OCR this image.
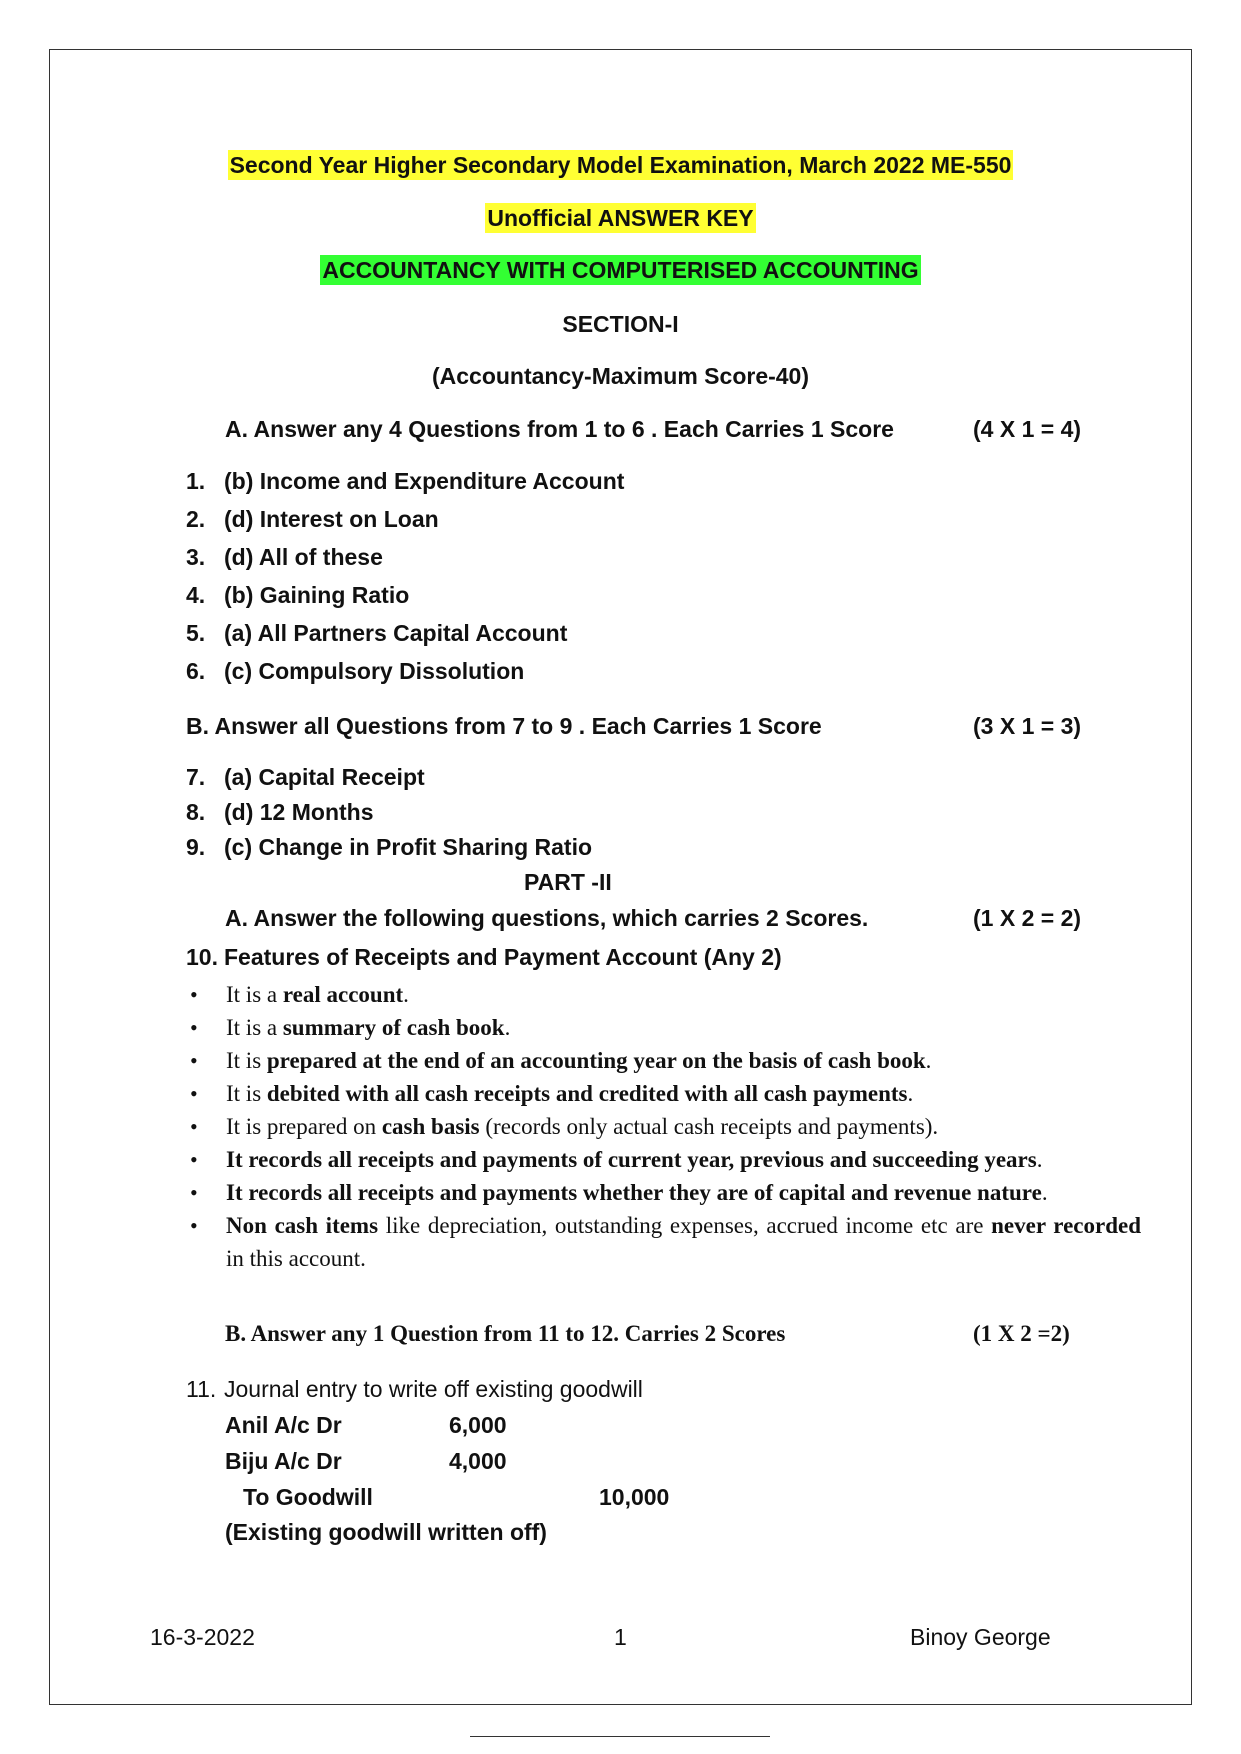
Second Year Higher Secondary Model Examination, March 2022 ME-550
Unofficial ANSWER KEY
ACCOUNTANCY WITH COMPUTERISED ACCOUNTING
SECTION-I
(Accountancy-Maximum Score-40)
A. Answer any 4 Questions from 1 to 6 . Each Carries 1 Score	(4 X 1 = 4)
1. (b) Income and Expenditure Account
2. (d) Interest on Loan
3. (d) All of these
4. (b) Gaining Ratio
5. (a) All Partners Capital Account
6. (c) Compulsory Dissolution
B. Answer all Questions from 7 to 9 . Each Carries 1 Score	(3 X 1 = 3)
7. (a) Capital Receipt
8. (d) 12 Months
9. (c) Change in Profit Sharing Ratio
PART -II
A. Answer the following questions, which carries 2 Scores.	(1 X 2 = 2)
10. Features of Receipts and Payment Account (Any 2)

• It is a real account.

• It is a summary of cash book.

• It is prepared at the end of an accounting year on the basis of cash book.

• It is debited with all cash receipts and credited with all cash payments.

• It is prepared on cash basis (records only actual cash receipts and payments).

• It records all receipts and payments of current year, previous and succeeding years.

• It records all receipts and payments whether they are of capital and revenue nature.

• Non cash items like depreciation, outstanding expenses, accrued income etc are never recorded in this account.

B. Answer any 1 Question from 11 to 12. Carries 2 Scores	(1 X 2 =2)
11. Journal entry to write off existing goodwill
Anil A/c Dr	6,000
Biju A/c Dr	4,000
To Goodwill	10,000
(Existing goodwill written off)
16-3-2022	1	Binoy George
